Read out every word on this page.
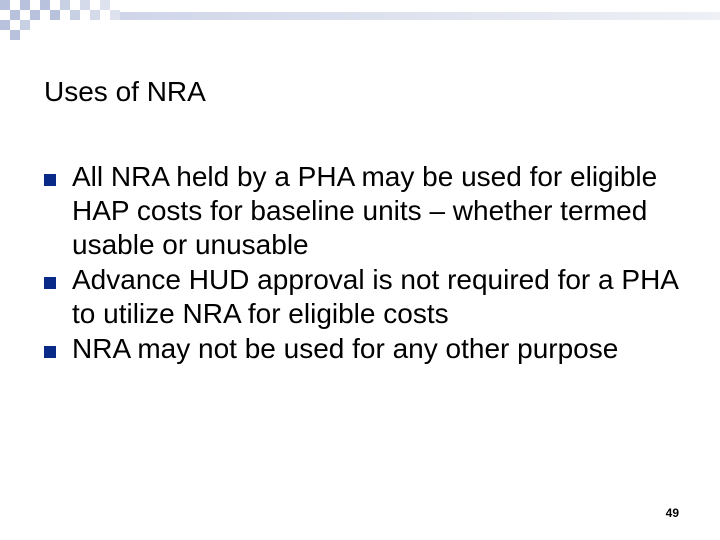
Uses of NRA
All NRA held by a PHA may be used for eligible HAP costs for baseline units – whether termed usable or unusable
Advance HUD approval is not required for a PHA to utilize NRA for eligible costs
NRA may not be used for any other purpose
49
